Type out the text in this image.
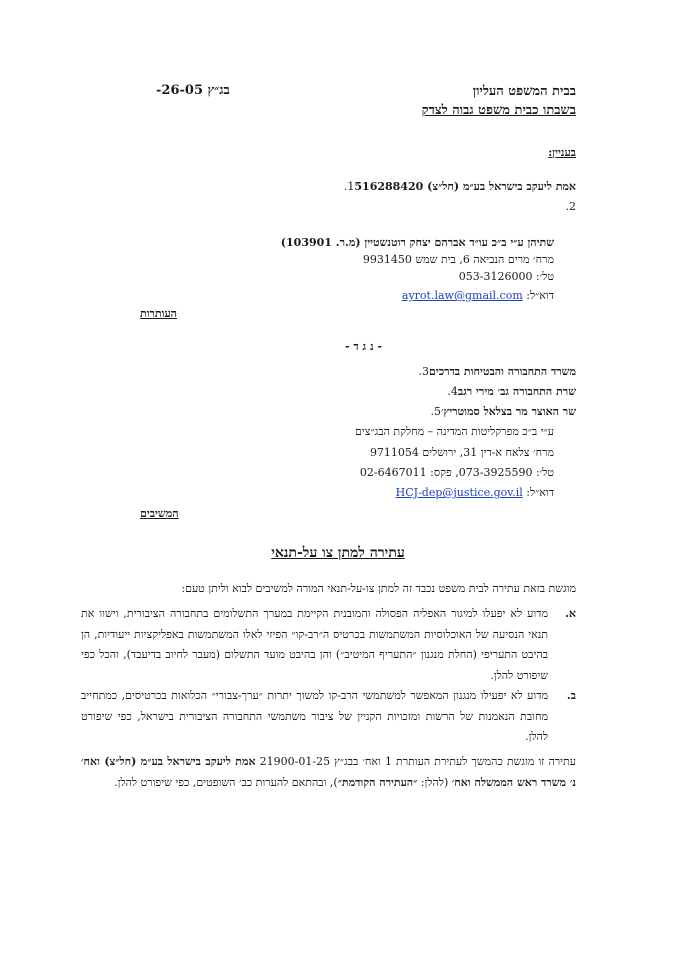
בבית המשפט העליון
בג״ץ 26-05-
בשבתו כבית משפט גבוה לצדק
בעניין:
1. אמת ליעקב בישראל בע״מ (חל״צ) 516288420
2.
שתיהן ע״י ב״כ עו״ד אברהם יצחק רוטנשטיין (מ.ר. 103901)
מרח׳ מרים הנביאה 6, בית שמש 9931450
טל׳: 053-3126000
דוא״ל: ayrot.law@gmail.com
העותרות
- נ ג ד -
3. משרד התחבורה והבטיחות בדרכים
4. שרת התחבורה גב׳ מירי רגב
5. שר האוצר מר בצלאל סמוטריץ׳
ע״י ב״כ מפרקליטות המדינה – מחלקת הבג״צים
מרח׳ צלאח א-דין 31, ירושלים 9711054
טל׳: 073-3925590, פקס: 02-6467011
דוא״ל: HCJ-dep@justice.gov.il
המשיבים
עתירה למתן צו על-תנאי
מוגשת בזאת עתירה לבית משפט נכבד זה למתן צו-על-תנאי המורה למשיבים לבוא וליתן טעם:
א.
מדוע לא יפעלו למיגור האפליה הפסולה והמובנית הקיימת במערך התשלומים בתחבורה הציבורית, וישוו את תנאי הנסיעה של האוכלוסיות המשתמשות בכרטיס ה״רב-קו״ הפיזי לאלו המשתמשות באפליקציות ייעודיות, הן בהיבט התעריפי (החלת מנגנון ״התעריף המיטיב״) והן בהיבט מועד התשלום (מעבר לחיוב בדיעבד), והכל כפי שיפורט להלן.
ב.
מדוע לא יפעילו מנגנון המאפשר למשתמשי הרב-קו למשוך יתרות ״ערך-צבורי״ הכלואות בכרטיסים, כמתחייב מחובת הנאמנות של הרשות ומזכויות הקניין של ציבור משתמשי התחבורה הציבורית בישראל, כפי שיפורט להלן.
עתירה זו מוגשת כהמשך לעתירת העותרת 1 ואח׳ בבג״ץ 21900-01-25 אמת ליעקב בישראל בע״מ (חל״צ) ואח׳ נ׳ משרד ראש הממשלה ואח׳ (להלן: ״העתירה הקודמת״), ובהתאם להערות כב׳ השופטים, כפי שיפורט להלן.
